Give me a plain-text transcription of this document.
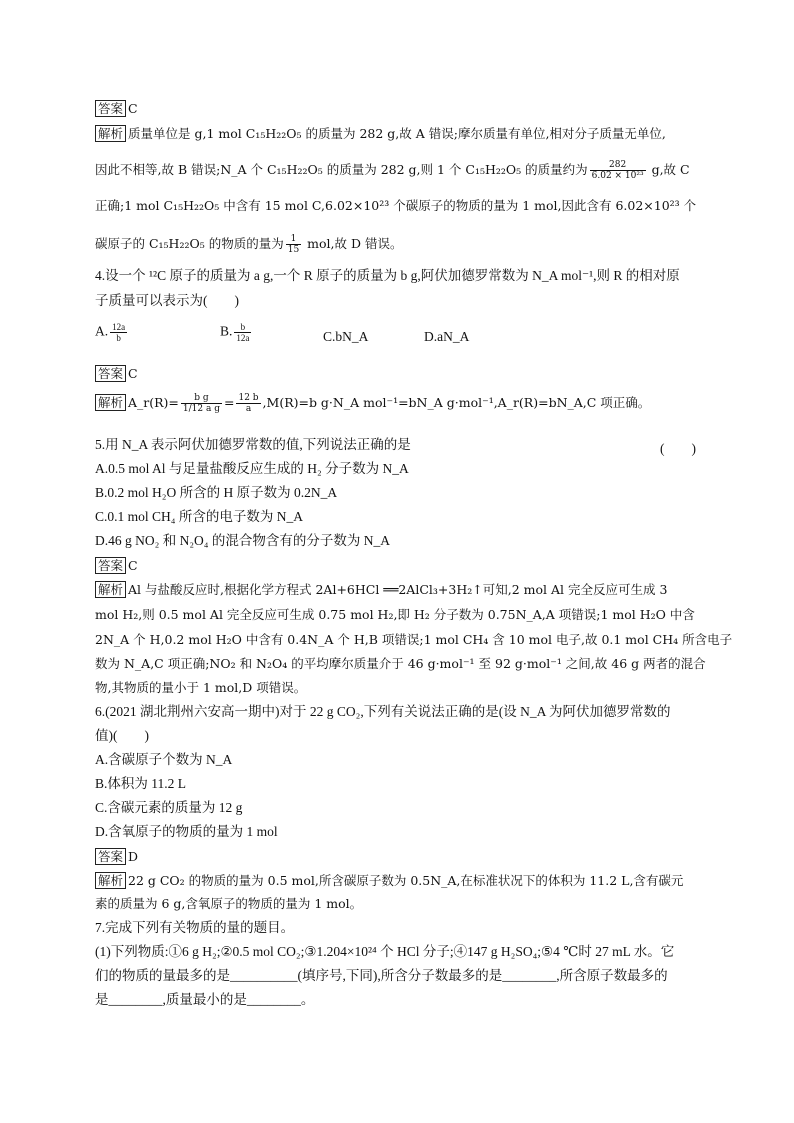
答案 C
解析 质量单位是 g,1 mol C₁₅H₂₂O₅ 的质量为 282 g,故 A 错误;摩尔质量有单位,相对分子质量无单位,
因此不相等,故 B 错误;N_A 个 C₁₅H₂₂O₅ 的质量为 282 g,则 1 个 C₁₅H₂₂O₅ 的质量约为 $\frac{282}{\text{6.02 × 10²³}} g$,故 C
正确;1 mol C₁₅H₂₂O₅ 中含有 15 mol C,6.02×10²³ 个碳原子的物质的量为 1 mol,因此含有 6.02×10²³ 个
碳原子的 C₁₅H₂₂O₅ 的物质的量为 $\frac{1}{15}$ mol,故 D 错误。
4.设一个 ¹²C 原子的质量为 a g,一个 R 原子的质量为 b g,阿伏加德罗常数为 N_A mol⁻¹,则 R 的相对原
子质量可以表示为(　　)
A. $\frac{12a}{b}$	B. $\frac{b}{12a}$	C.bN_A	D.aN_A
答案 C
解析 A_r(R)= $\frac{\text{b g}}{\text{1/12 a g}} = \frac{12 b}{a} ,M(R)=b$ g·N_A mol⁻¹=bN_A g·mol⁻¹,A_r(R)=bN_A,C 项正确。
5.用 N_A 表示阿伏加德罗常数的值,下列说法正确的是	(　　)
A.0.5 mol Al 与足量盐酸反应生成的 H₂ 分子数为 N_A
B.0.2 mol H₂O 所含的 H 原子数为 0.2N_A
C.0.1 mol CH₄ 所含的电子数为 N_A
D.46 g NO₂ 和 N₂O₄ 的混合物含有的分子数为 N_A
答案 C
解析 Al 与盐酸反应时,根据化学方程式 2Al+6HCl ══2AlCl₃+3H₂↑可知,2 mol Al 完全反应可生成 3
mol H₂,则 0.5 mol Al 完全反应可生成 0.75 mol H₂,即 H₂ 分子数为 0.75N_A,A 项错误;1 mol H₂O 中含
2N_A 个 H,0.2 mol H₂O 中含有 0.4N_A 个 H,B 项错误;1 mol CH₄ 含 10 mol 电子,故 0.1 mol CH₄ 所含电子
数为 N_A,C 项正确;NO₂ 和 N₂O₄ 的平均摩尔质量介于 46 g·mol⁻¹ 至 92 g·mol⁻¹ 之间,故 46 g 两者的混合
物,其物质的量小于 1 mol,D 项错误。
6.(2021 湖北荆州六安高一期中)对于 22 g CO₂,下列有关说法正确的是(设 N_A 为阿伏加德罗常数的
值)(　　)
A.含碳原子个数为 N_A
B.体积为 11.2 L
C.含碳元素的质量为 12 g
D.含氧原子的物质的量为 1 mol
答案 D
解析 22 g CO₂ 的物质的量为 0.5 mol,所含碳原子数为 0.5N_A,在标准状况下的体积为 11.2 L,含有碳元
素的质量为 6 g,含氧原子的物质的量为 1 mol。
7.完成下列有关物质的量的题目。
(1)下列物质:①6 g H₂;②0.5 mol CO₂;③1.204×10²⁴ 个 HCl 分子;④147 g H₂SO₄;⑤4 ℃时 27 mL 水。它
们的物质的量最多的是__________(填序号,下同),所含分子数最多的是________,所含原子数最多的
是________,质量最小的是________。
